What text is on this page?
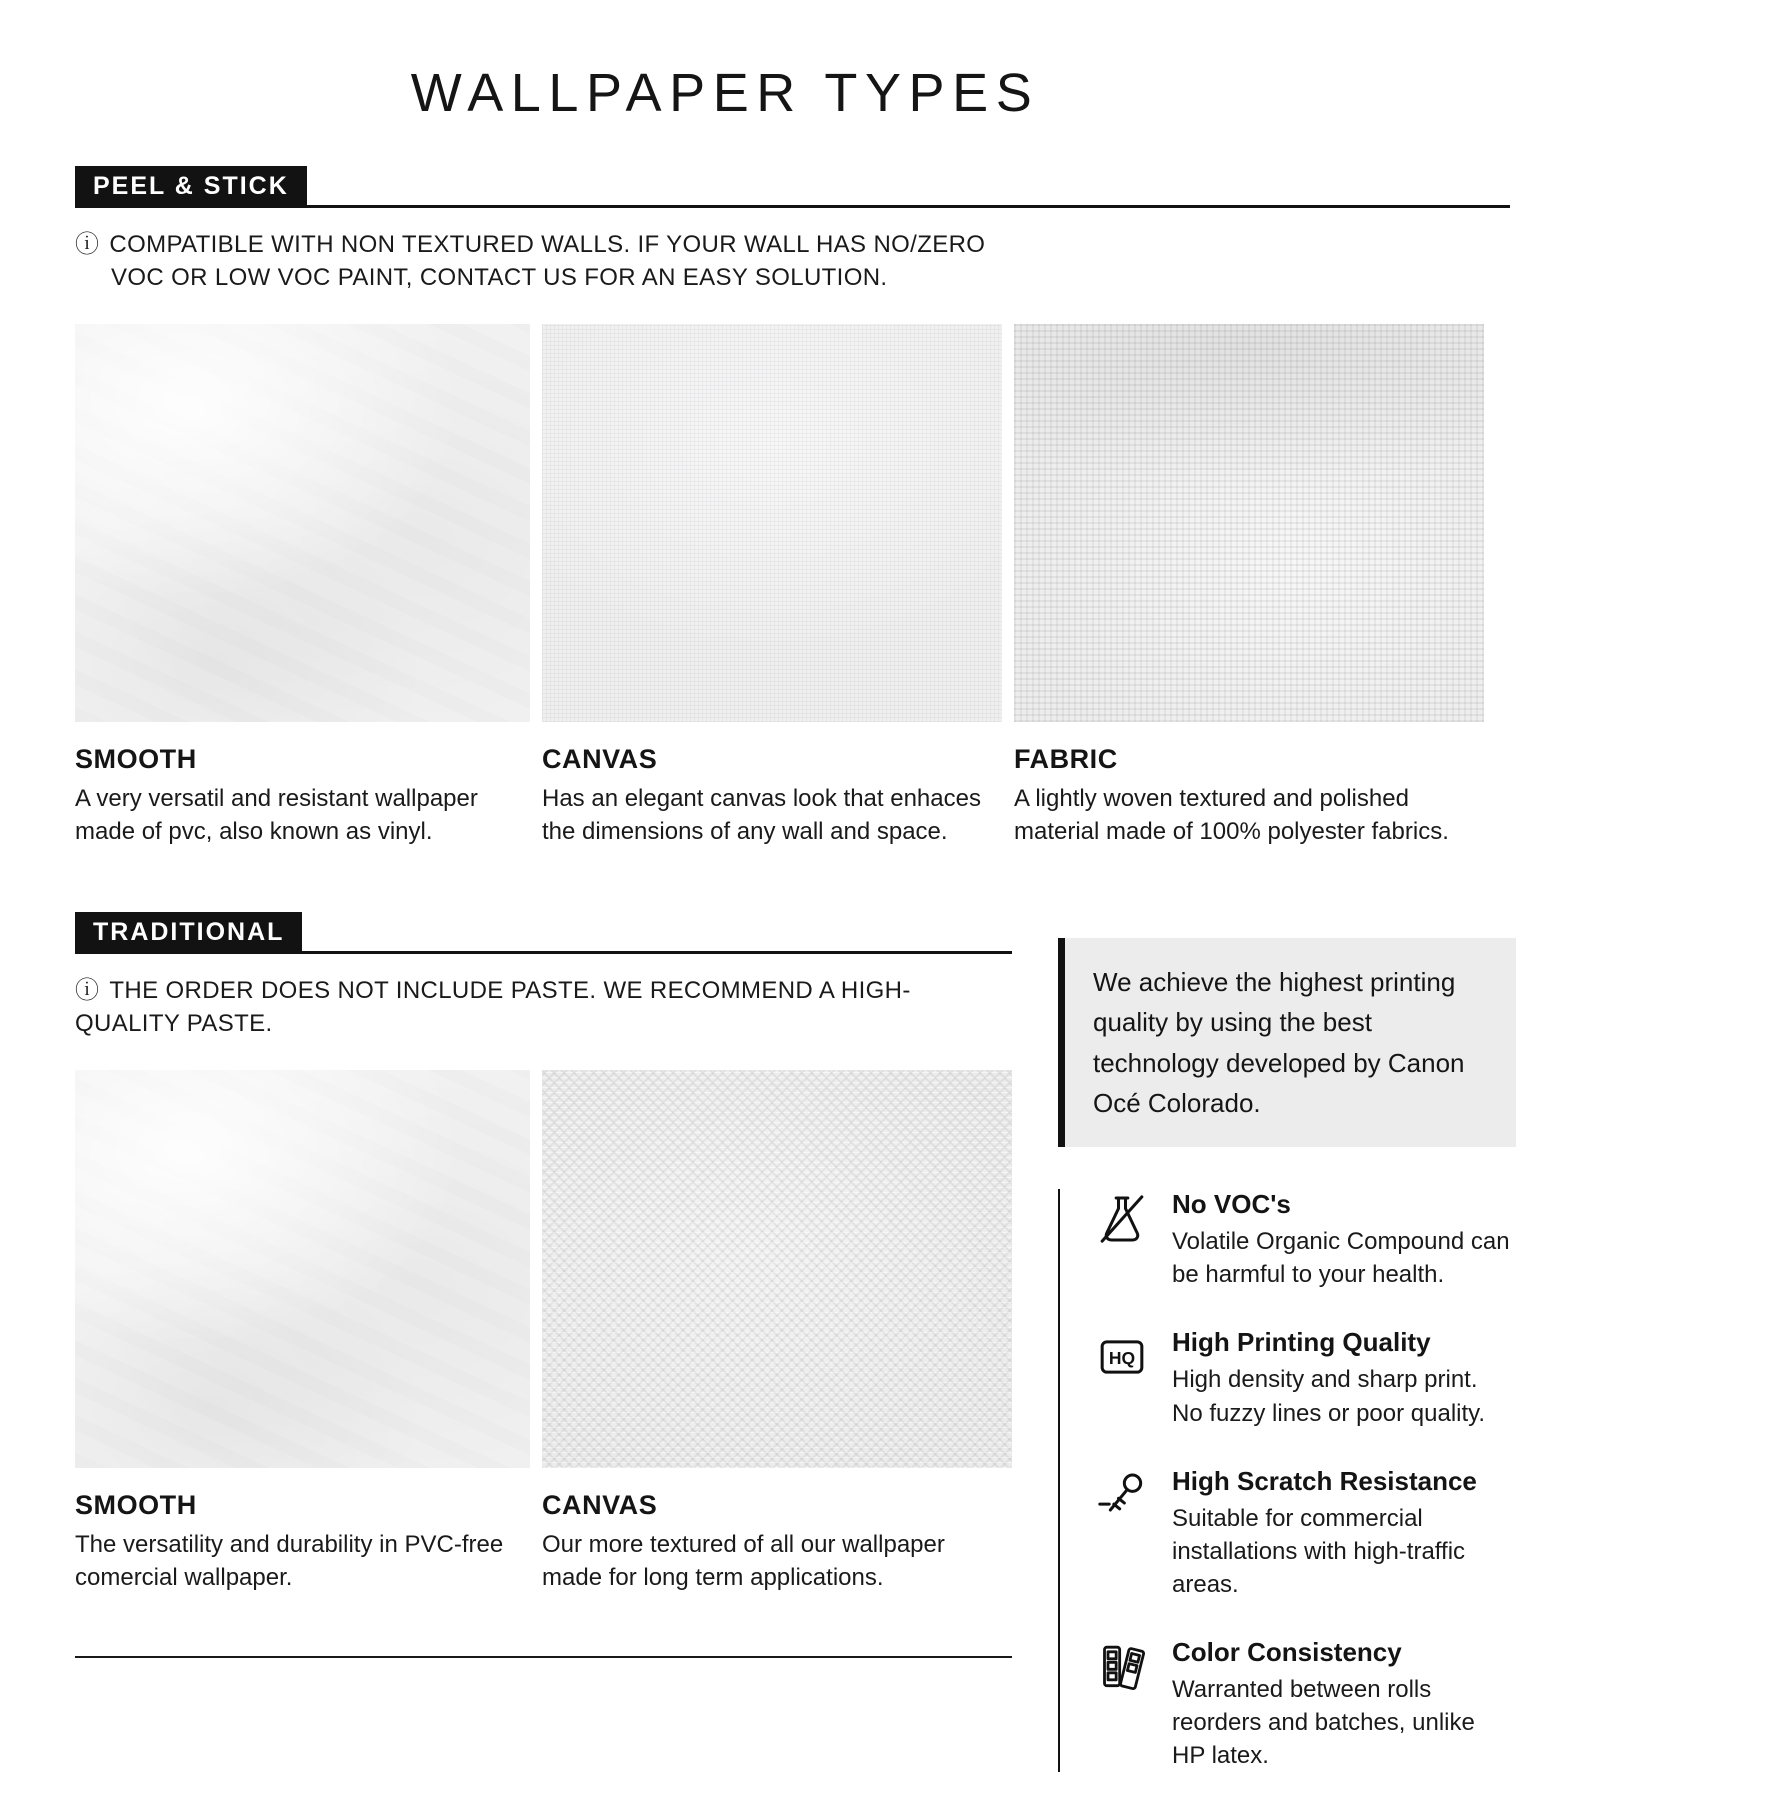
WALLPAPER TYPES
PEEL & STICK

ⓘ COMPATIBLE WITH NON TEXTURED WALLS. IF YOUR WALL HAS NO/ZERO
VOC OR LOW VOC PAINT, CONTACT US FOR AN EASY SOLUTION.

SMOOTH
A very versatil and resistant wallpaper made of pvc, also known as vinyl.
CANVAS
Has an elegant canvas look that enhaces the dimensions of any wall and space.
FABRIC
A lightly woven textured and polished material made of 100% polyester fabrics.
TRADITIONAL

ⓘ THE ORDER DOES NOT INCLUDE PASTE. WE RECOMMEND A HIGH-QUALITY PASTE.

SMOOTH
The versatility and durability in PVC-free comercial wallpaper.
CANVAS
Our more textured of all our wallpaper made for long term applications.
We achieve the highest printing quality by using the best technology developed by Canon Océ Colorado.
No VOC's
Volatile Organic Compound can be harmful to your health.
HQ
High Printing Quality
High density and sharp print. No fuzzy lines or poor quality.
High Scratch Resistance
Suitable for commercial installations with high-traffic areas.
Color Consistency
Warranted between rolls reorders and batches, unlike HP latex.
